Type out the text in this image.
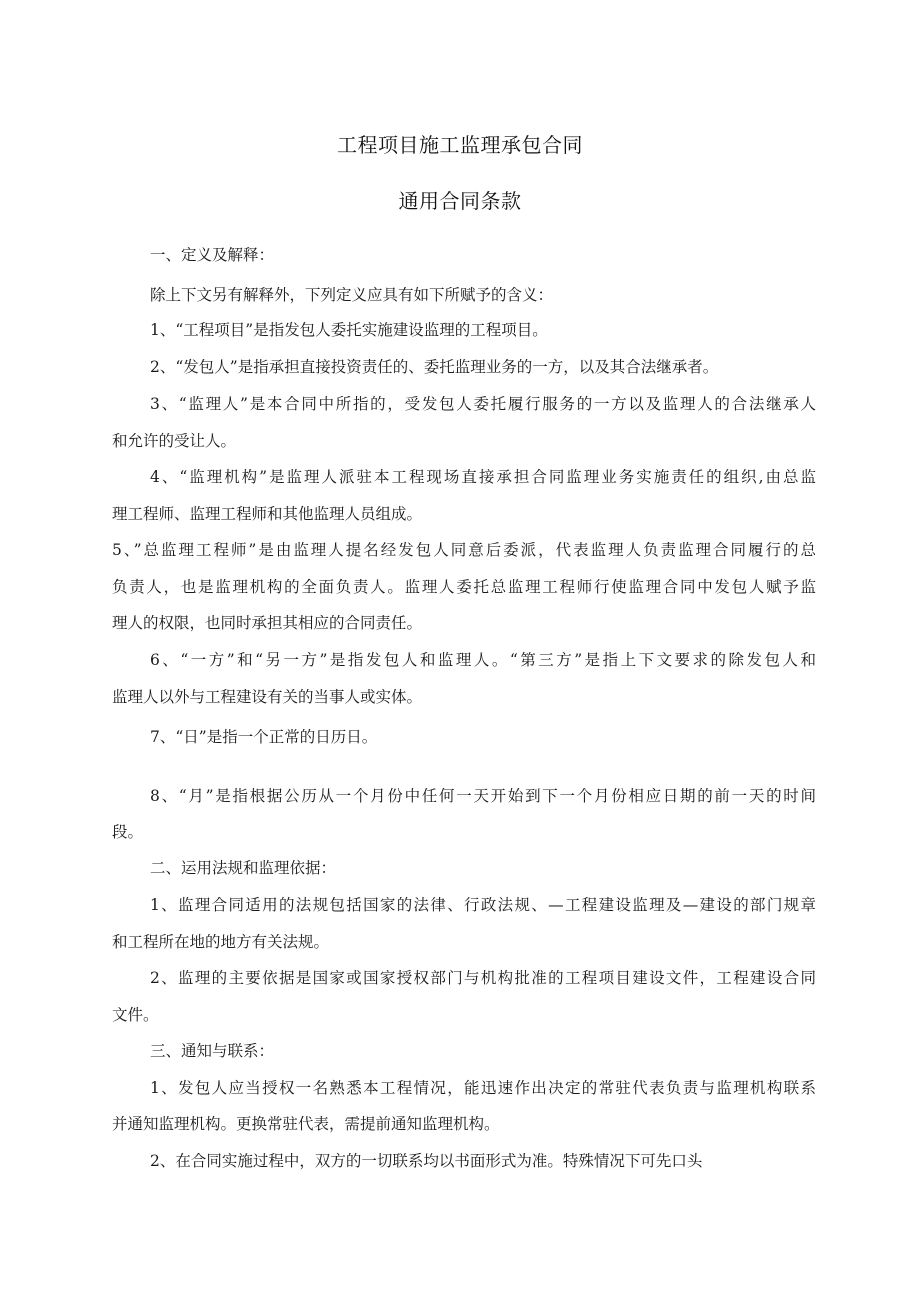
工程项目施工监理承包合同
通用合同条款
一、定义及解释：
除上下文另有解释外，下列定义应具有如下所赋予的含义：
1、“工程项目”是指发包人委托实施建设监理的工程项目。
2、“发包人”是指承担直接投资责任的、委托监理业务的一方，以及其合法继承者。
3、“监理人”是本合同中所指的，受发包人委托履行服务的一方以及监理人的合法继承人
和允许的受让人。
4、“监理机构”是监理人派驻本工程现场直接承担合同监理业务实施责任的组织,由总监
理工程师、监理工程师和其他监理人员组成。
5、”总监理工程师”是由监理人提名经发包人同意后委派，代表监理人负责监理合同履行的总
负责人，也是监理机构的全面负责人。监理人委托总监理工程师行使监理合同中发包人赋予监
理人的权限，也同时承担其相应的合同责任。
6、“一方”和“另一方”是指发包人和监理人。“第三方”是指上下文要求的除发包人和
监理人以外与工程建设有关的当事人或实体。
7、“日”是指一个正常的日历日。
8、“月”是指根据公历从一个月份中任何一天开始到下一个月份相应日期的前一天的时间
段。
二、运用法规和监理依据：
1、监理合同适用的法规包括国家的法律、行政法规、—工程建设监理及—建设的部门规章
和工程所在地的地方有关法规。
2、监理的主要依据是国家或国家授权部门与机构批准的工程项目建设文件，工程建设合同
文件。
三、通知与联系：
1、发包人应当授权一名熟悉本工程情况，能迅速作出决定的常驻代表负责与监理机构联系
并通知监理机构。更换常驻代表，需提前通知监理机构。
2、在合同实施过程中，双方的一切联系均以书面形式为准。特殊情况下可先口头
